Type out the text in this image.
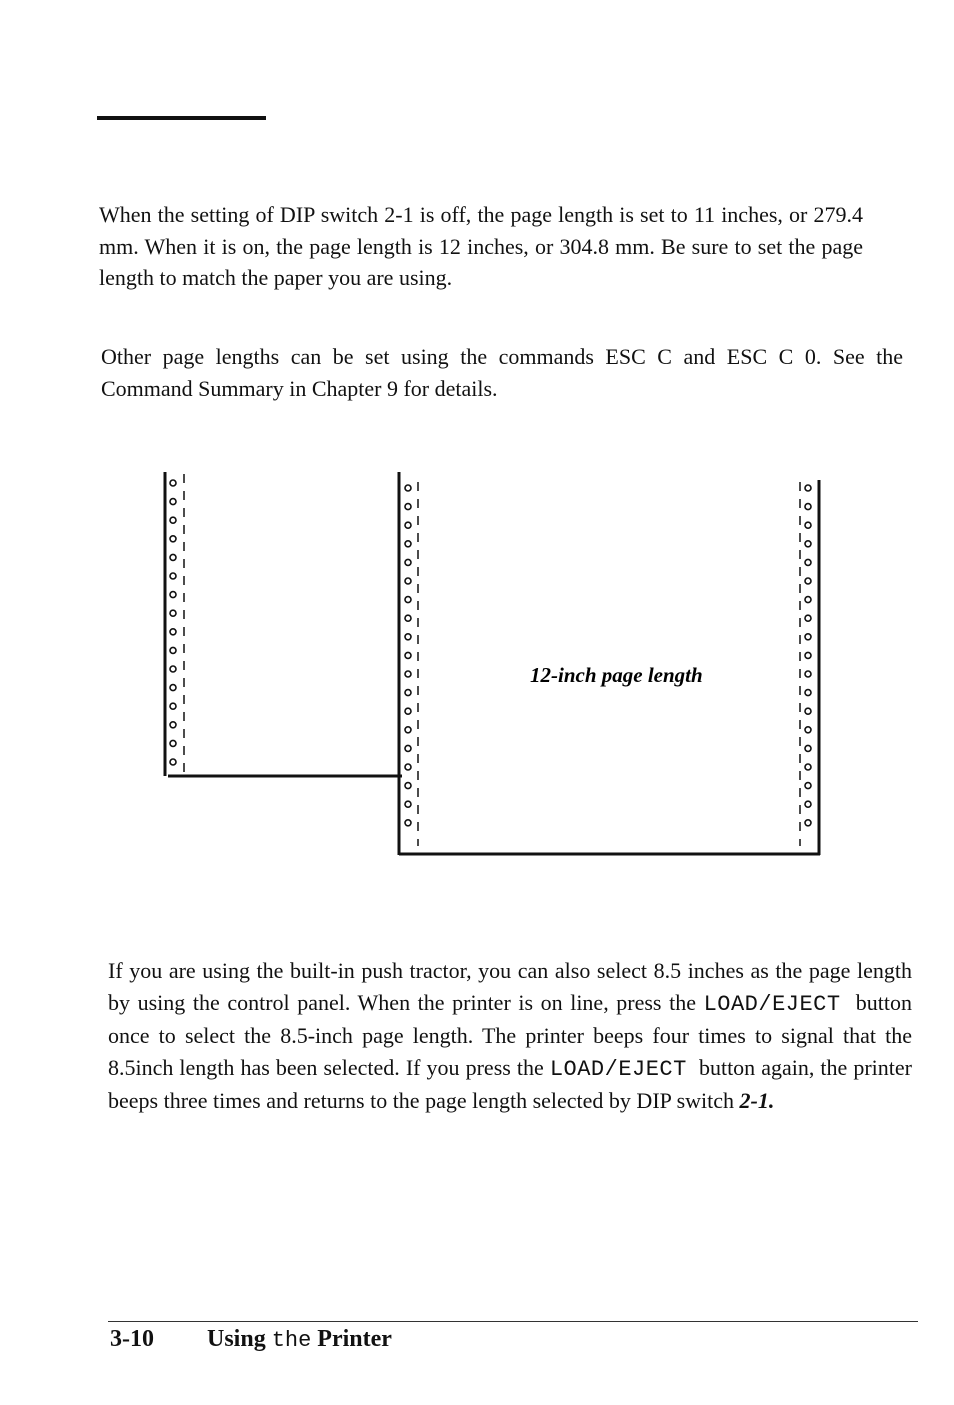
When the setting of DIP switch 2-1 is off, the page length is set to 11 inches, or 279.4 mm. When it is on, the page length is 12 inches, or 304.8 mm. Be sure to set the page length to match the paper you are using.

Other page lengths can be set using the commands ESC C and ESC C 0. See the Command Summary in Chapter 9 for details.

12-inch page length

If you are using the built-in push tractor, you can also select 8.5 inches as the page length by using the control panel. When the printer is on line, press the LOAD/EJECT button once to select the 8.5-inch page length. The printer beeps four times to signal that the 8.5inch length has been selected. If you press the LOAD/EJECT button again, the printer beeps three times and returns to the page length selected by DIP switch 2-1.

3-10 Using the Printer
